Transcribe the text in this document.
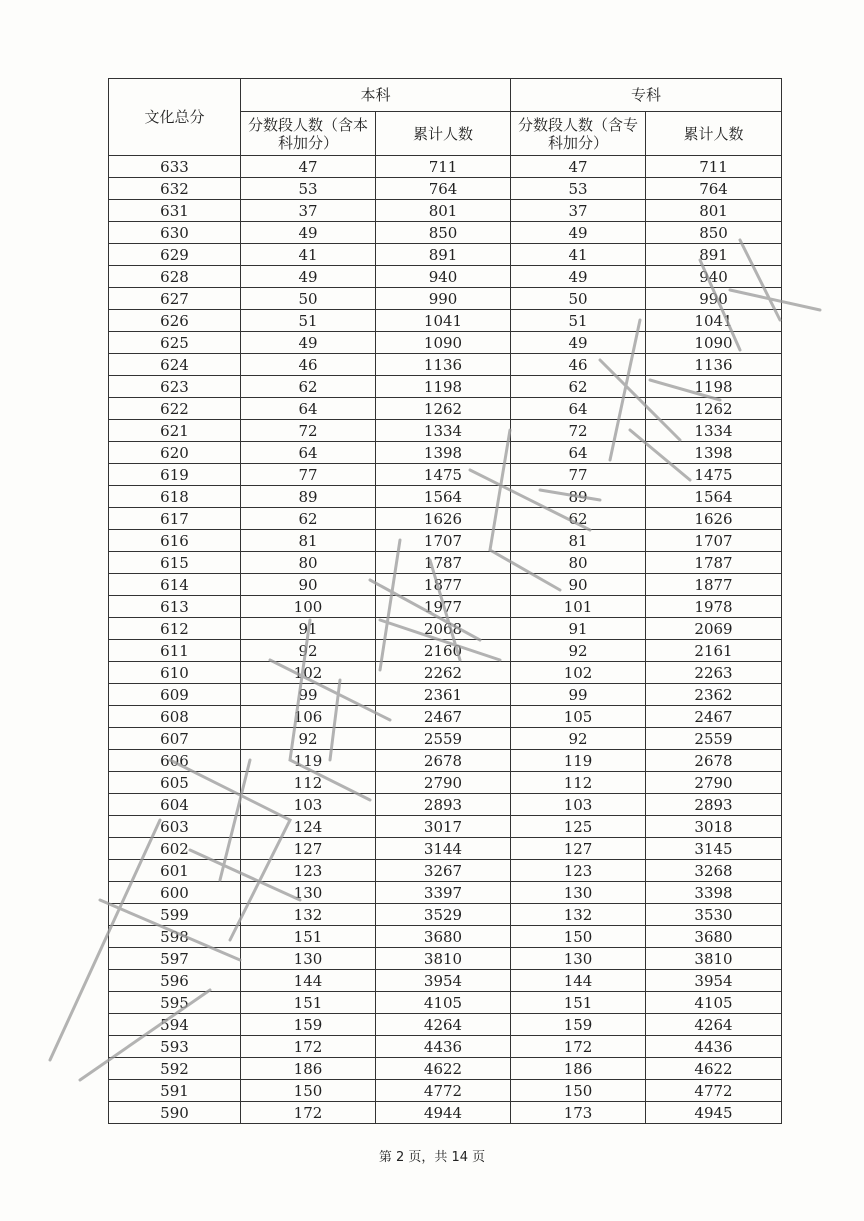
文化总分	本科		专科	
	分数段人数（含本科加分）	累计人数	分数段人数（含专科加分）	累计人数
633	47	711	47	711
632	53	764	53	764
631	37	801	37	801
630	49	850	49	850
629	41	891	41	891
628	49	940	49	940
627	50	990	50	990
626	51	1041	51	1041
625	49	1090	49	1090
624	46	1136	46	1136
623	62	1198	62	1198
622	64	1262	64	1262
621	72	1334	72	1334
620	64	1398	64	1398
619	77	1475	77	1475
618	89	1564	89	1564
617	62	1626	62	1626
616	81	1707	81	1707
615	80	1787	80	1787
614	90	1877	90	1877
613	100	1977	101	1978
612	91	2068	91	2069
611	92	2160	92	2161
610	102	2262	102	2263
609	99	2361	99	2362
608	106	2467	105	2467
607	92	2559	92	2559
606	119	2678	119	2678
605	112	2790	112	2790
604	103	2893	103	2893
603	124	3017	125	3018
602	127	3144	127	3145
601	123	3267	123	3268
600	130	3397	130	3398
599	132	3529	132	3530
598	151	3680	150	3680
597	130	3810	130	3810
596	144	3954	144	3954
595	151	4105	151	4105
594	159	4264	159	4264
593	172	4436	172	4436
592	186	4622	186	4622
591	150	4772	150	4772
590	172	4944	173	4945
第 2 页，共 14 页
